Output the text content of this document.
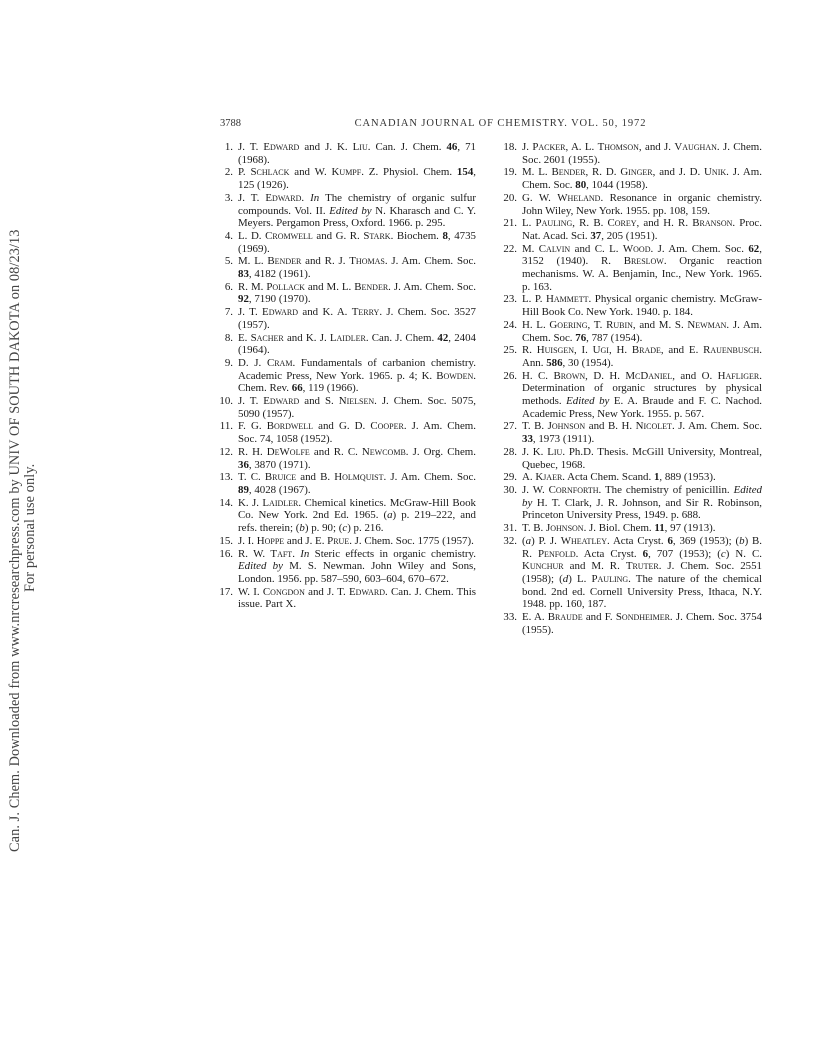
Can. J. Chem. Downloaded from www.nrcresearchpress.com by UNIV OF SOUTH DAKOTA on 08/23/13 For personal use only.
3788	CANADIAN JOURNAL OF CHEMISTRY. VOL. 50, 1972
1. J. T. Edward and J. K. Liu. Can. J. Chem. 46, 71 (1968).
2. P. Schlack and W. Kumpf. Z. Physiol. Chem. 154, 125 (1926).
3. J. T. Edward. In The chemistry of organic sulfur compounds. Vol. II. Edited by N. Kharasch and C. Y. Meyers. Pergamon Press, Oxford. 1966. p. 295.
4. L. D. Cromwell and G. R. Stark. Biochem. 8, 4735 (1969).
5. M. L. Bender and R. J. Thomas. J. Am. Chem. Soc. 83, 4182 (1961).
6. R. M. Pollack and M. L. Bender. J. Am. Chem. Soc. 92, 7190 (1970).
7. J. T. Edward and K. A. Terry. J. Chem. Soc. 3527 (1957).
8. E. Sacher and K. J. Laidler. Can. J. Chem. 42, 2404 (1964).
9. D. J. Cram. Fundamentals of carbanion chemistry. Academic Press, New York. 1965. p. 4; K. Bowden. Chem. Rev. 66, 119 (1966).
10. J. T. Edward and S. Nielsen. J. Chem. Soc. 5075, 5090 (1957).
11. F. G. Bordwell and G. D. Cooper. J. Am. Chem. Soc. 74, 1058 (1952).
12. R. H. DeWolfe and R. C. Newcomb. J. Org. Chem. 36, 3870 (1971).
13. T. C. Bruice and B. Holmquist. J. Am. Chem. Soc. 89, 4028 (1967).
14. K. J. Laidler. Chemical kinetics. McGraw-Hill Book Co. New York. 2nd Ed. 1965. (a) p. 219–222, and refs. therein; (b) p. 90; (c) p. 216.
15. J. I. Hoppe and J. E. Prue. J. Chem. Soc. 1775 (1957).
16. R. W. Taft. In Steric effects in organic chemistry. Edited by M. S. Newman. John Wiley and Sons, London. 1956. pp. 587–590, 603–604, 670–672.
17. W. I. Congdon and J. T. Edward. Can. J. Chem. This issue. Part X.
18. J. Packer, A. L. Thomson, and J. Vaughan. J. Chem. Soc. 2601 (1955).
19. M. L. Bender, R. D. Ginger, and J. D. Unik. J. Am. Chem. Soc. 80, 1044 (1958).
20. G. W. Wheland. Resonance in organic chemistry. John Wiley, New York. 1955. pp. 108, 159.
21. L. Pauling, R. B. Corey, and H. R. Branson. Proc. Nat. Acad. Sci. 37, 205 (1951).
22. M. Calvin and C. L. Wood. J. Am. Chem. Soc. 62, 3152 (1940). R. Breslow. Organic reaction mechanisms. W. A. Benjamin, Inc., New York. 1965. p. 163.
23. L. P. Hammett. Physical organic chemistry. McGraw-Hill Book Co. New York. 1940. p. 184.
24. H. L. Goering, T. Rubin, and M. S. Newman. J. Am. Chem. Soc. 76, 787 (1954).
25. R. Huisgen, I. Ugi, H. Brade, and E. Rauenbusch. Ann. 586, 30 (1954).
26. H. C. Brown, D. H. McDaniel, and O. Hafliger. Determination of organic structures by physical methods. Edited by E. A. Braude and F. C. Nachod. Academic Press, New York. 1955. p. 567.
27. T. B. Johnson and B. H. Nicolet. J. Am. Chem. Soc. 33, 1973 (1911).
28. J. K. Liu. Ph.D. Thesis. McGill University, Montreal, Quebec, 1968.
29. A. Kjaer. Acta Chem. Scand. 1, 889 (1953).
30. J. W. Cornforth. The chemistry of penicillin. Edited by H. T. Clark, J. R. Johnson, and Sir R. Robinson, Princeton University Press, 1949. p. 688.
31. T. B. Johnson. J. Biol. Chem. 11, 97 (1913).
32. (a) P. J. Wheatley. Acta Cryst. 6, 369 (1953); (b) B. R. Penfold. Acta Cryst. 6, 707 (1953); (c) N. C. Kunchur and M. R. Truter. J. Chem. Soc. 2551 (1958); (d) L. Pauling. The nature of the chemical bond. 2nd ed. Cornell University Press, Ithaca, N.Y. 1948. pp. 160, 187.
33. E. A. Braude and F. Sondheimer. J. Chem. Soc. 3754 (1955).
